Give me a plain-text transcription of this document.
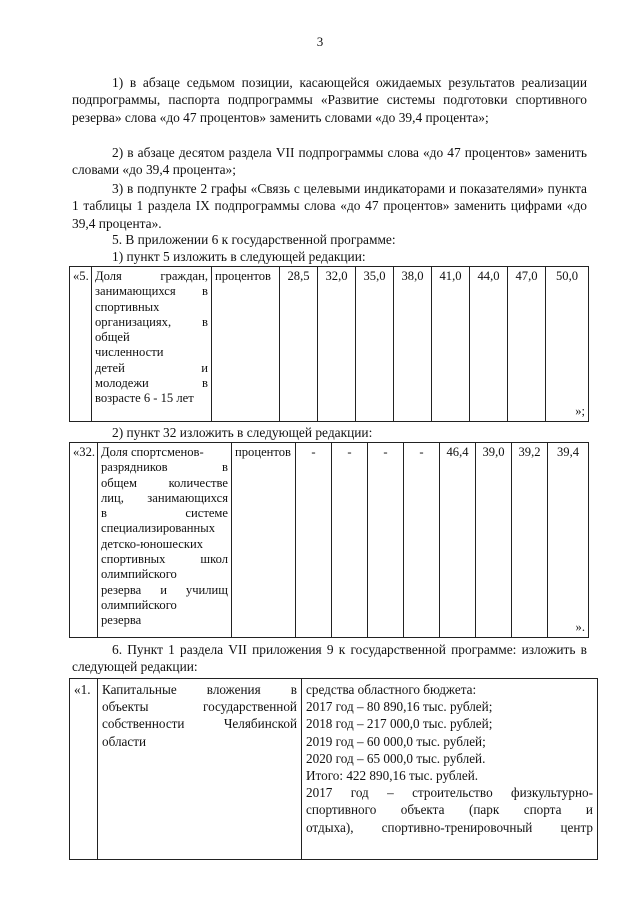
3
1) в абзаце седьмом позиции, касающейся ожидаемых результатов реализации подпрограммы, паспорта подпрограммы «Развитие системы подготовки спортивного резерва» слова «до 47 процентов» заменить словами «до 39,4 процента»;
2) в абзаце десятом раздела VII подпрограммы слова «до 47 процентов» заменить словами «до 39,4 процента»;
3) в подпункте 2 графы «Связь с целевыми индикаторами и показателями» пункта 1 таблицы 1 раздела IX подпрограммы слова «до 47 процентов» заменить цифрами «до 39,4 процента».
5. В приложении 6 к государственной программе:
1) пункт 5 изложить в следующей редакции:
«5.	Доля граждан,
занимающихся в
спортивных
организациях, в
общей
численности
детей и
молодежи в
возрасте 6 - 15 лет
	процентов	28,5	32,0	35,0	38,0	41,0	44,0	47,0	50,0
»;
2) пункт 32 изложить в следующей редакции:
«32.	Доля спортсменов-
разрядников в
общем количестве
лиц, занимающихся
в системе
специализированных
детско-юношеских
спортивных школ
олимпийского
резерва и училищ
олимпийского
резерва
	процентов	-	-	-	-	46,4	39,0	39,2	39,4
».
6. Пункт 1 раздела VII приложения 9 к государственной программе: изложить в следующей редакции:
«1.	Капитальные вложения в
объекты государственной
собственности Челябинской
области

средства областного бюджета:
2017 год – 80 890,16 тыс. рублей;
2018 год – 217 000,0 тыс. рублей;
2019 год – 60 000,0 тыс. рублей;
2020 год – 65 000,0 тыс. рублей.
Итого: 422 890,16 тыс. рублей.
2017 год – строительство физкультурно-
спортивного объекта (парк спорта и
отдыха), спортивно-тренировочный центр
